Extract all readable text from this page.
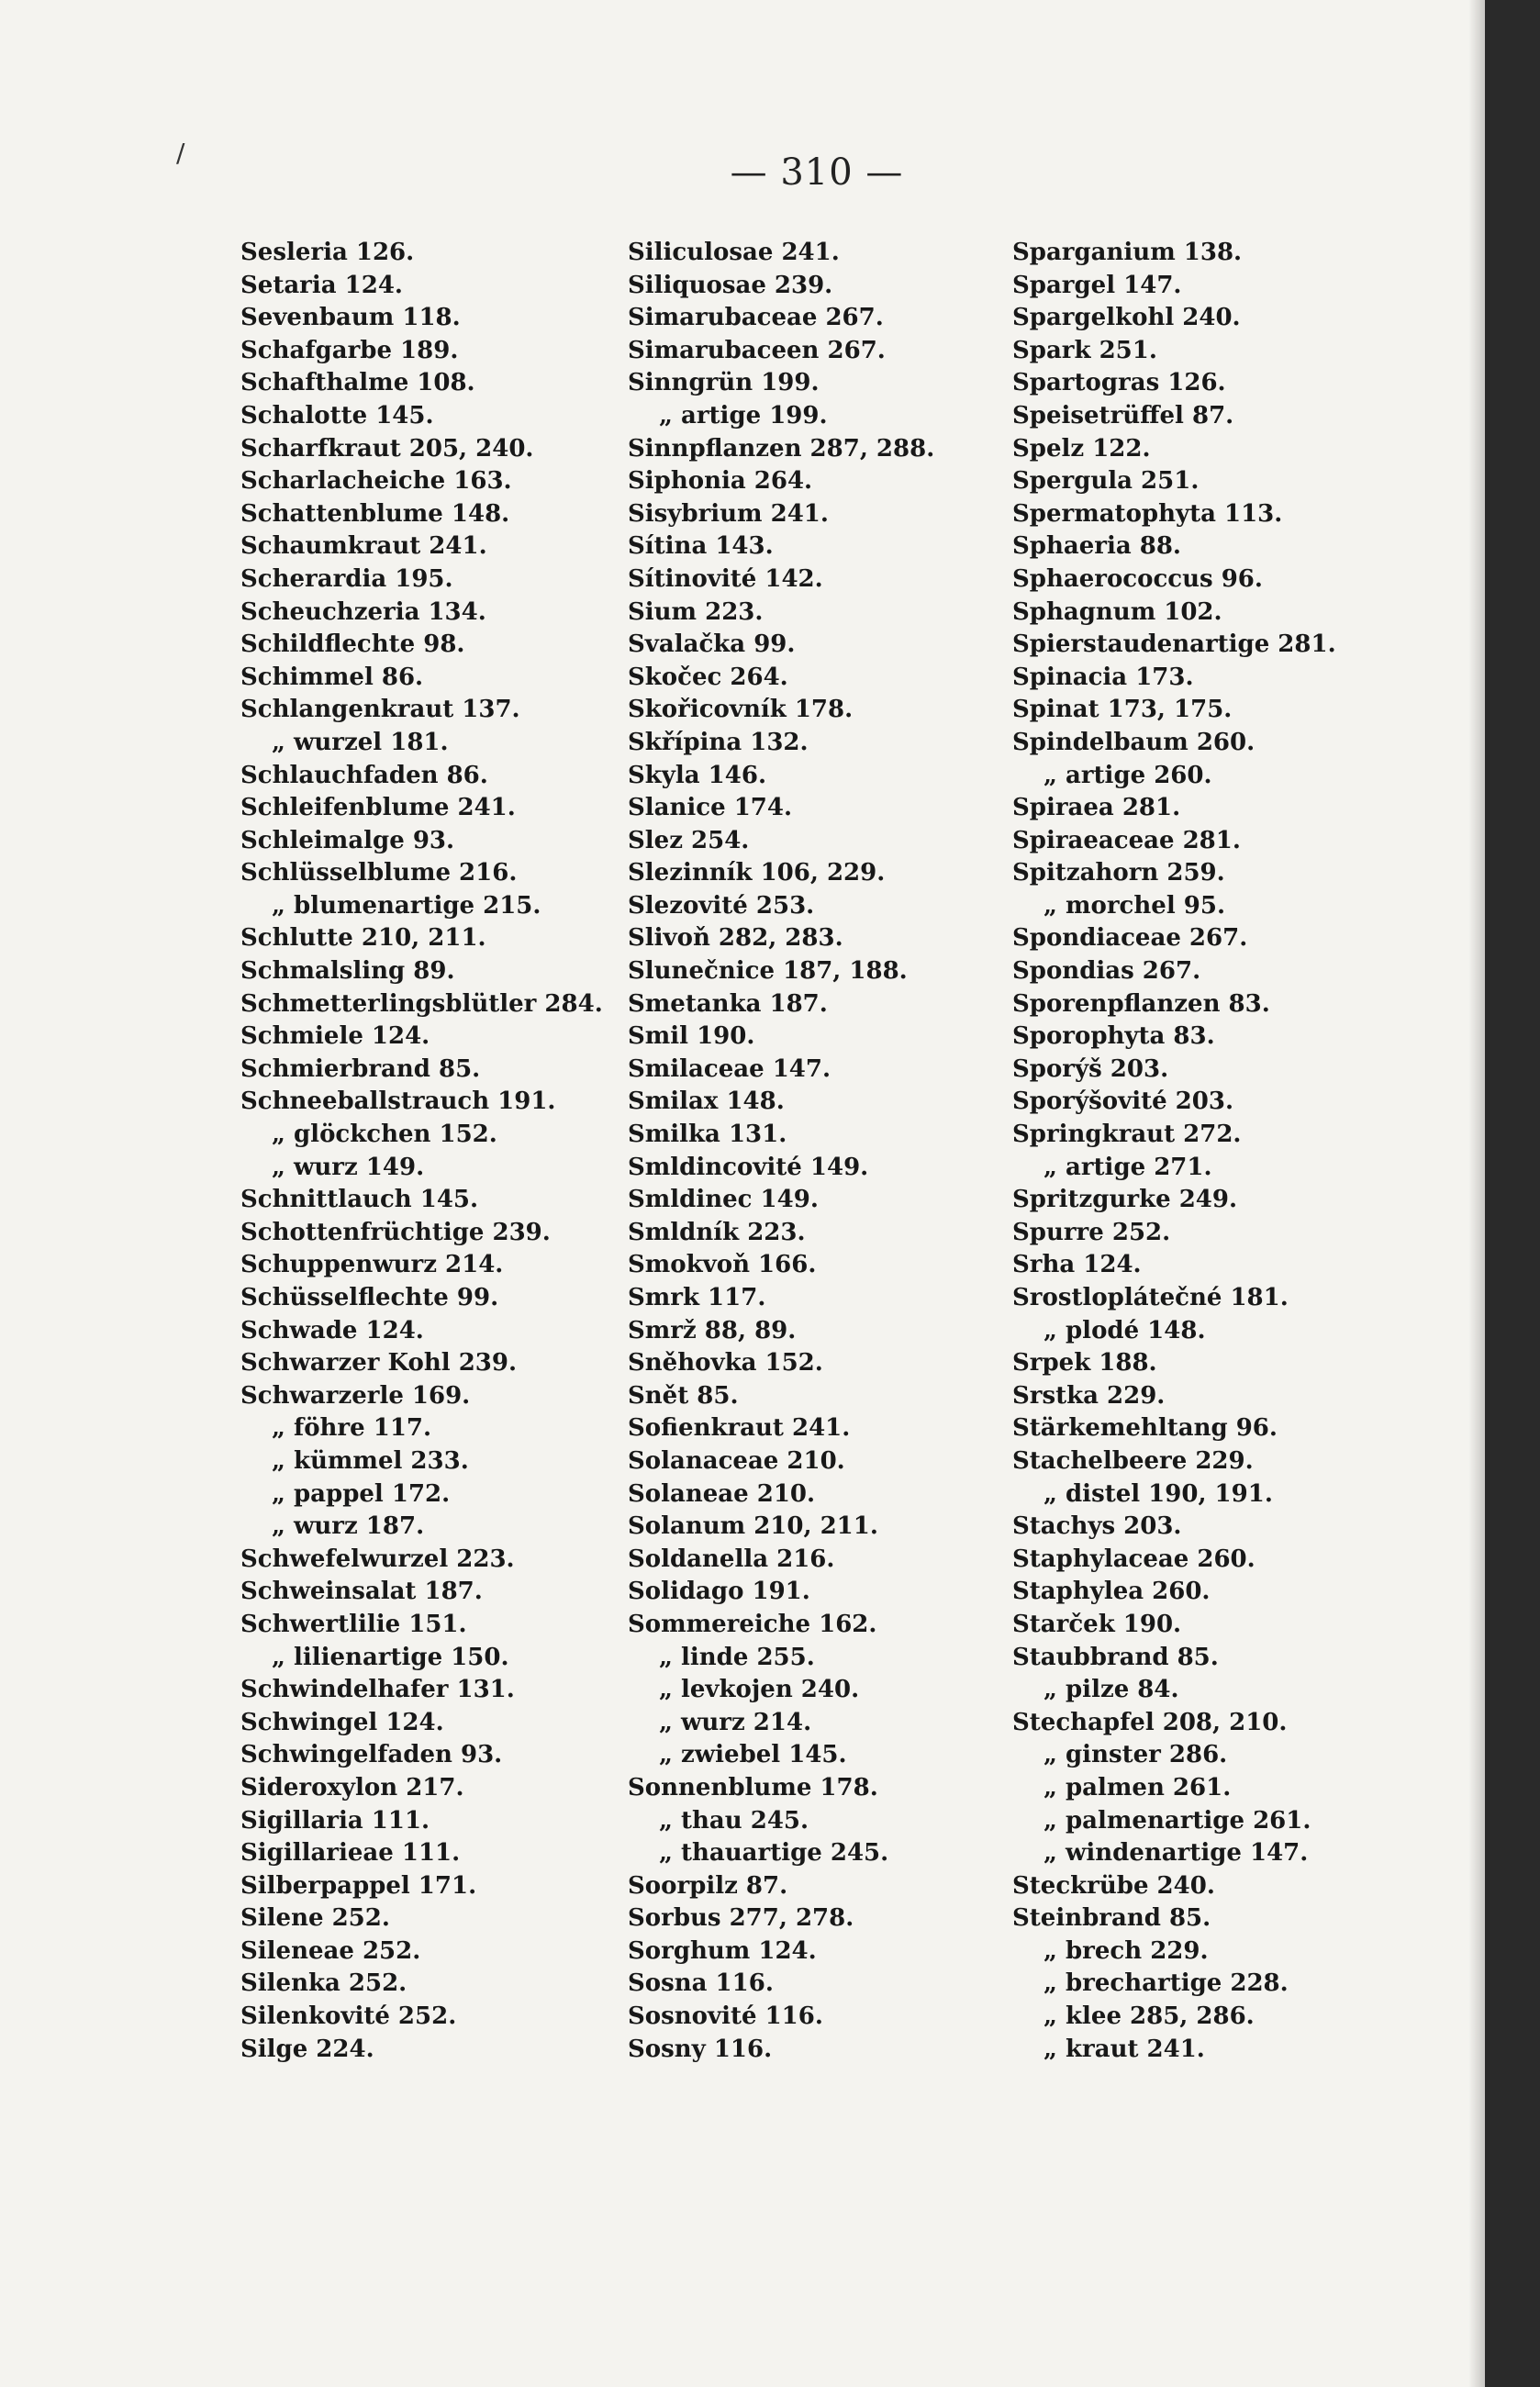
— 310 —
Sesleria 126.
Setaria 124.
Sevenbaum 118.
Schafgarbe 189.
Schafthalme 108.
Schalotte 145.
Scharfkraut 205, 240.
Scharlacheiche 163.
Schattenblume 148.
Schaumkraut 241.
Scherardia 195.
Scheuchzeria 134.
Schildflechte 98.
Schimmel 86.
Schlangenkraut 137.
„ wurzel 181.
Schlauchfaden 86.
Schleifenblume 241.
Schleimalge 93.
Schlüsselblume 216.
„ blumenartige 215.
Schlutte 210, 211.
Schmalsling 89.
Schmetterlingsblütler 284.
Schmiele 124.
Schmierbrand 85.
Schneeballstrauch 191.
„ glöckchen 152.
„ wurz 149.
Schnittlauch 145.
Schottenfrüchtige 239.
Schuppenwurz 214.
Schüsselflechte 99.
Schwade 124.
Schwarzer Kohl 239.
Schwarzerle 169.
„ föhre 117.
„ kümmel 233.
„ pappel 172.
„ wurz 187.
Schwefelwurzel 223.
Schweinsalat 187.
Schwertlilie 151.
„ lilienartige 150.
Schwindelhafer 131.
Schwingel 124.
Schwingelfaden 93.
Sideroxylon 217.
Sigillaria 111.
Sigillarieae 111.
Silberpappel 171.
Silene 252.
Sileneae 252.
Silenka 252.
Silenkovité 252.
Silge 224.
Siliculosae 241.
Siliquosae 239.
Simarubaceae 267.
Simarubaceen 267.
Sinngrün 199.
„ artige 199.
Sinnpflanzen 287, 288.
Siphonia 264.
Sisybrium 241.
Sítina 143.
Sítinovité 142.
Sium 223.
Svalačka 99.
Skočec 264.
Skořicovník 178.
Skřípina 132.
Skyla 146.
Slanice 174.
Slez 254.
Slezinník 106, 229.
Slezovité 253.
Slivoň 282, 283.
Slunečnice 187, 188.
Smetanka 187.
Smil 190.
Smilaceae 147.
Smilax 148.
Smilka 131.
Smldincovité 149.
Smldinec 149.
Smldník 223.
Smokvoň 166.
Smrk 117.
Smrž 88, 89.
Sněhovka 152.
Snět 85.
Sofienkraut 241.
Solanaceae 210.
Solaneae 210.
Solanum 210, 211.
Soldanella 216.
Solidago 191.
Sommereiche 162.
„ linde 255.
„ levkojen 240.
„ wurz 214.
„ zwiebel 145.
Sonnenblume 178.
„ thau 245.
„ thauartige 245.
Soorpilz 87.
Sorbus 277, 278.
Sorghum 124.
Sosna 116.
Sosnovité 116.
Sosny 116.
Sparganium 138.
Spargel 147.
Spargelkohl 240.
Spark 251.
Spartogras 126.
Speisetrüffel 87.
Spelz 122.
Spergula 251.
Spermatophyta 113.
Sphaeria 88.
Sphaerococcus 96.
Sphagnum 102.
Spierstaudenartige 281.
Spinacia 173.
Spinat 173, 175.
Spindelbaum 260.
„ artige 260.
Spiraea 281.
Spiraeaceae 281.
Spitzahorn 259.
„ morchel 95.
Spondiaceae 267.
Spondias 267.
Sporenpflanzen 83.
Sporophyta 83.
Sporýš 203.
Sporýšovité 203.
Springkraut 272.
„ artige 271.
Spritzgurke 249.
Spurre 252.
Srha 124.
Srostloplátečné 181.
„ plodé 148.
Srpek 188.
Srstka 229.
Stärkemehltang 96.
Stachelbeere 229.
„ distel 190, 191.
Stachys 203.
Staphylaceae 260.
Staphylea 260.
Starček 190.
Staubbrand 85.
„ pilze 84.
Stechapfel 208, 210.
„ ginster 286.
„ palmen 261.
„ palmenartige 261.
„ windenartige 147.
Steckrübe 240.
Steinbrand 85.
„ brech 229.
„ brechartige 228.
„ klee 285, 286.
„ kraut 241.
/
